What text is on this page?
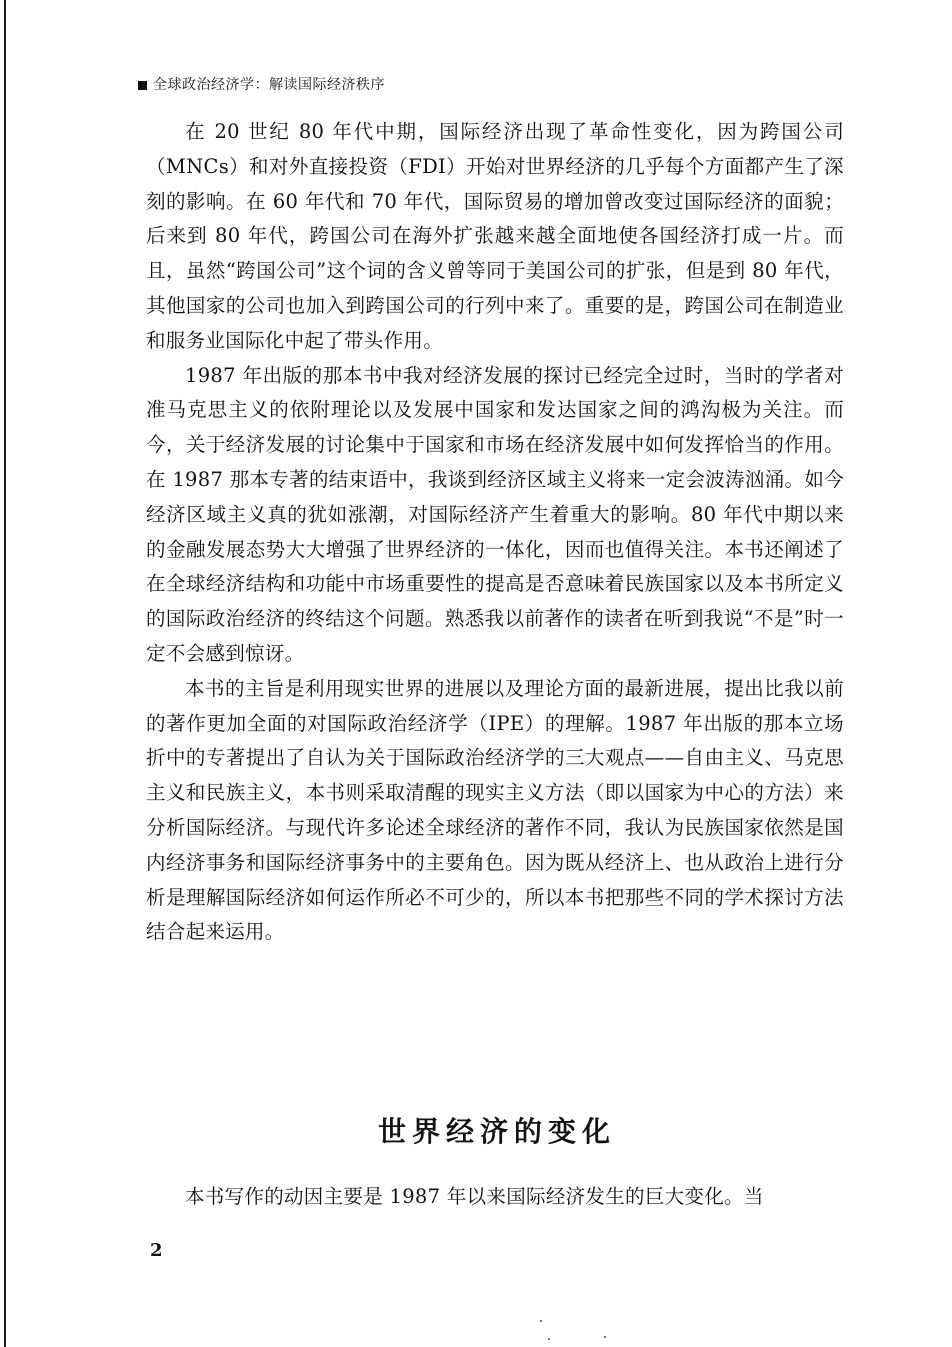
全球政治经济学：解读国际经济秩序

在 20 世纪 80 年代中期，国际经济出现了革命性变化，因为跨国公司（MNCs）和对外直接投资（FDI）开始对世界经济的几乎每个方面都产生了深刻的影响。在 60 年代和 70 年代，国际贸易的增加曾改变过国际经济的面貌；后来到 80 年代，跨国公司在海外扩张越来越全面地使各国经济打成一片。而且，虽然“跨国公司”这个词的含义曾等同于美国公司的扩张，但是到 80 年代，其他国家的公司也加入到跨国公司的行列中来了。重要的是，跨国公司在制造业和服务业国际化中起了带头作用。

1987 年出版的那本书中我对经济发展的探讨已经完全过时，当时的学者对准马克思主义的依附理论以及发展中国家和发达国家之间的鸿沟极为关注。而今，关于经济发展的讨论集中于国家和市场在经济发展中如何发挥恰当的作用。在 1987 那本专著的结束语中，我谈到经济区域主义将来一定会波涛汹涌。如今经济区域主义真的犹如涨潮，对国际经济产生着重大的影响。80 年代中期以来的金融发展态势大大增强了世界经济的一体化，因而也值得关注。本书还阐述了在全球经济结构和功能中市场重要性的提高是否意味着民族国家以及本书所定义的国际政治经济的终结这个问题。熟悉我以前著作的读者在听到我说“不是”时一定不会感到惊讶。

本书的主旨是利用现实世界的进展以及理论方面的最新进展，提出比我以前的著作更加全面的对国际政治经济学（IPE）的理解。1987 年出版的那本立场折中的专著提出了自认为关于国际政治经济学的三大观点——自由主义、马克思主义和民族主义，本书则采取清醒的现实主义方法（即以国家为中心的方法）来分析国际经济。与现代许多论述全球经济的著作不同，我认为民族国家依然是国内经济事务和国际经济事务中的主要角色。因为既从经济上、也从政治上进行分析是理解国际经济如何运作所必不可少的，所以本书把那些不同的学术探讨方法结合起来运用。

世界经济的变化
本书写作的动因主要是 1987 年以来国际经济发生的巨大变化。当
2
